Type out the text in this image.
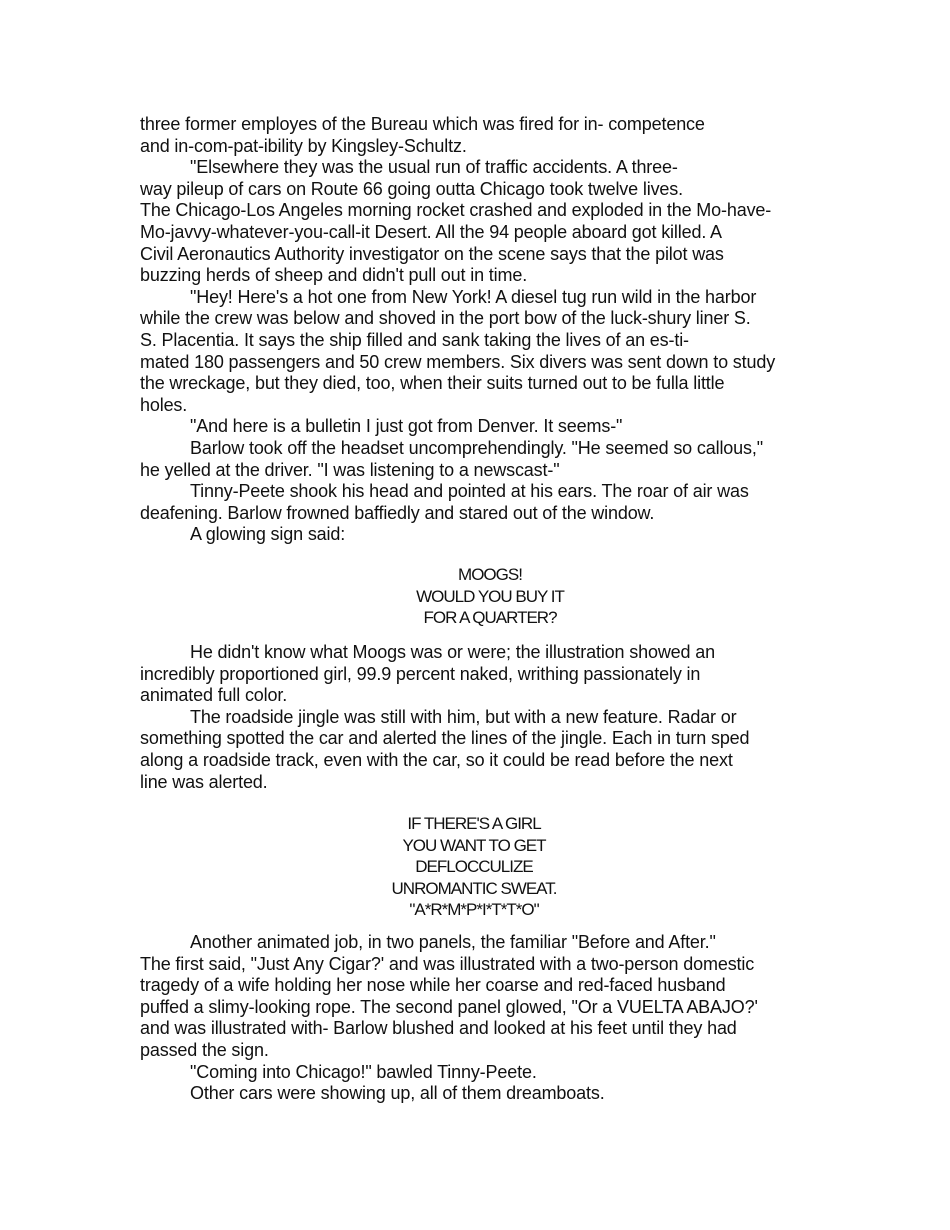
three former employes of the Bureau which was fired for in- competence
and in-com-pat-ibility by Kingsley-Schultz.
"Elsewhere they was the usual run of traffic accidents. A three-
way pileup of cars on Route 66 going outta Chicago took twelve lives.
The Chicago-Los Angeles morning rocket crashed and exploded in the Mo-have-
Mo-javvy-whatever-you-call-it Desert. All the 94 people aboard got killed. A
Civil Aeronautics Authority investigator on the scene says that the pilot was
buzzing herds of sheep and didn't pull out in time.
"Hey! Here's a hot one from New York! A diesel tug run wild in the harbor
while the crew was below and shoved in the port bow of the luck-shury liner S.
S. Placentia. It says the ship filled and sank taking the lives of an es-ti-
mated 180 passengers and 50 crew members. Six divers was sent down to study
the wreckage, but they died, too, when their suits turned out to be fulla little
holes.
"And here is a bulletin I just got from Denver. It seems-"
Barlow took off the headset uncomprehendingly. "He seemed so callous,"
he yelled at the driver. "I was listening to a newscast-"
Tinny-Peete shook his head and pointed at his ears. The roar of air was
deafening. Barlow frowned baffiedly and stared out of the window.
A glowing sign said:
MOOGS!
WOULD YOU BUY IT
FOR A QUARTER?
He didn't know what Moogs was or were; the illustration showed an
incredibly proportioned girl, 99.9 percent naked, writhing passionately in
animated full color.
The roadside jingle was still with him, but with a new feature. Radar or
something spotted the car and alerted the lines of the jingle. Each in turn sped
along a roadside track, even with the car, so it could be read before the next
line was alerted.
IF THERE'S A GIRL
YOU WANT TO GET
DEFLOCCULIZE
UNROMANTIC SWEAT.
"A*R*M*P*I*T*T*O"
Another animated job, in two panels, the familiar "Before and After."
The first said, "Just Any Cigar?' and was illustrated with a two-person domestic
tragedy of a wife holding her nose while her coarse and red-faced husband
puffed a slimy-looking rope. The second panel glowed, "Or a VUELTA ABAJO?'
and was illustrated with- Barlow blushed and looked at his feet until they had
passed the sign.
"Coming into Chicago!" bawled Tinny-Peete.
Other cars were showing up, all of them dreamboats.
